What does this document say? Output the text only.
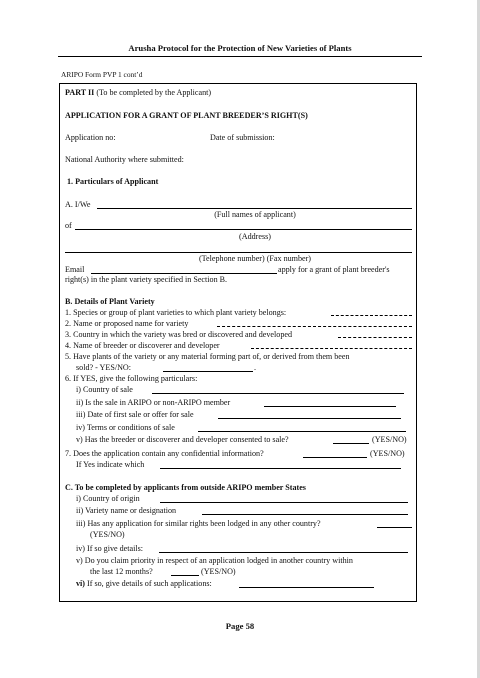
Arusha Protocol for the Protection of New Varieties of Plants
ARIPO Form PVP 1 cont’d
PART II (To be completed by the Applicant)
APPLICATION FOR A GRANT OF PLANT BREEDER’S RIGHT(S)
Application no:	Date of submission:
National Authority where submitted:
1. Particulars of Applicant
A. I/We
(Full names of applicant)
of
(Address)
(Telephone number) (Fax number)
Email	apply for a grant of plant breeder's
right(s) in the plant variety specified in Section B.
B. Details of Plant Variety
1. Species or group of plant varieties to which plant variety belongs:
2. Name or proposed name for variety
3. Country in which the variety was bred or discovered and developed
4. Name of breeder or discoverer and developer
5. Have plants of the variety or any material forming part of, or derived from them been
sold? - YES/NO:	.
6. If YES, give the following particulars:
i) Country of sale
ii) Is the sale in ARIPO or non-ARIPO member
iii) Date of first sale or offer for sale
iv) Terms or conditions of sale
v) Has the breeder or discoverer and developer consented to sale?	(YES/NO)
7. Does the application contain any confidential information?	(YES/NO)
If Yes indicate which
C. To be completed by applicants from outside ARIPO member States
i) Country of origin
ii) Variety name or designation
iii) Has any application for similar rights been lodged in any other country?
(YES/NO)
iv) If so give details:
v) Do you claim priority in respect of an application lodged in another country within
the last 12 months?	(YES/NO)
vi) If so, give details of such applications:
Page 58
